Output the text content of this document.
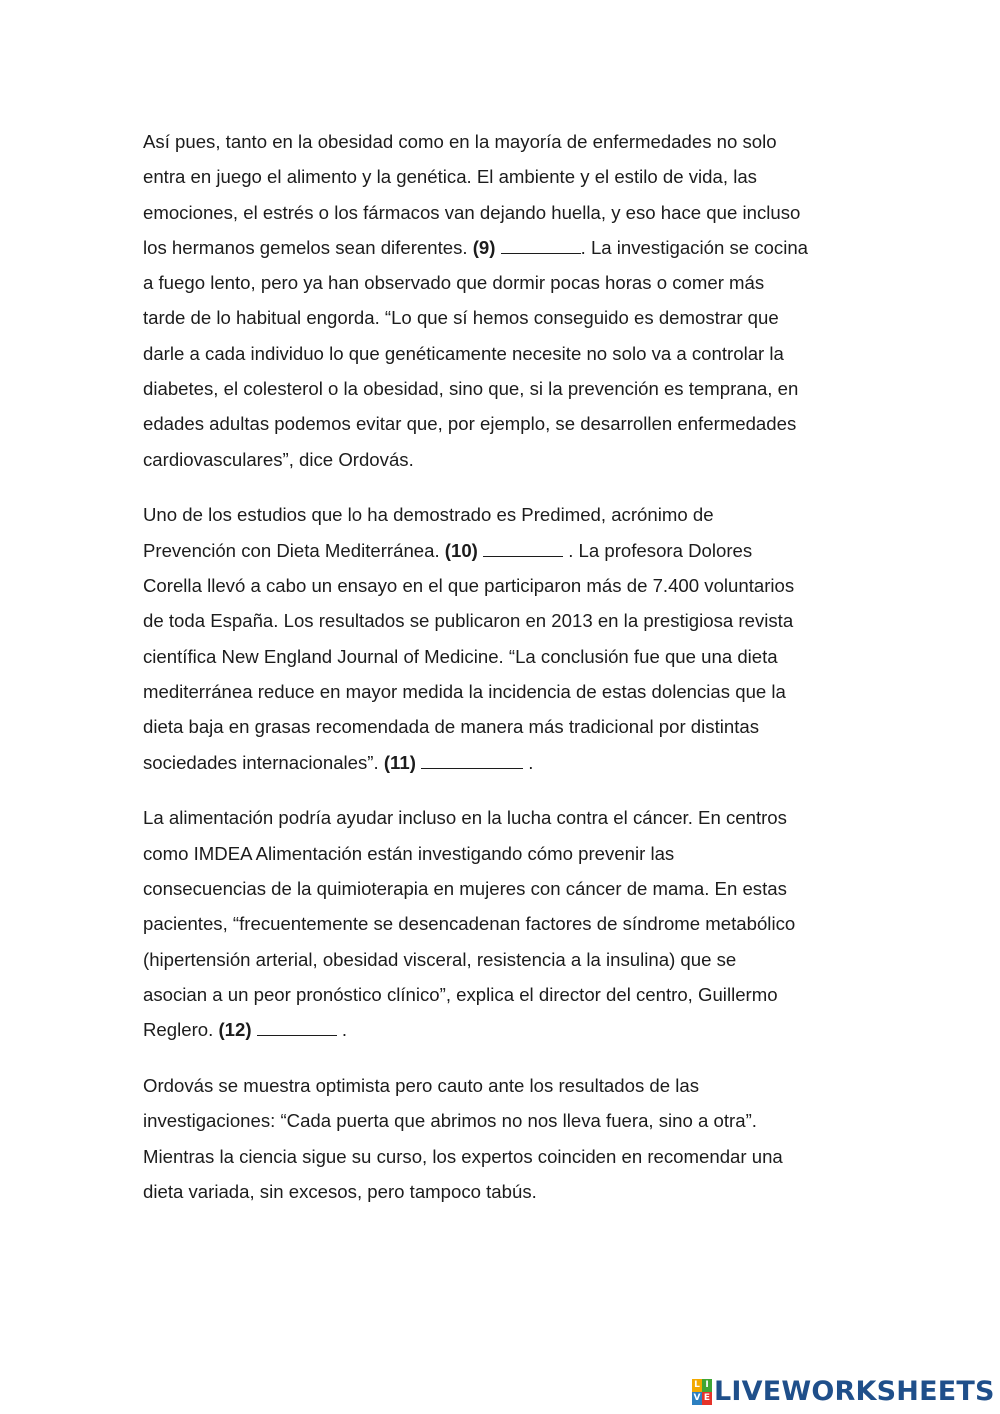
Así pues, tanto en la obesidad como en la mayoría de enfermedades no solo
entra en juego el alimento y la genética. El ambiente y el estilo de vida, las
emociones, el estrés o los fármacos van dejando huella, y eso hace que incluso
los hermanos gemelos sean diferentes. (9)	. La investigación se cocina
a fuego lento, pero ya han observado que dormir pocas horas o comer más
tarde de lo habitual engorda. “Lo que sí hemos conseguido es demostrar que
darle a cada individuo lo que genéticamente necesite no solo va a controlar la
diabetes, el colesterol o la obesidad, sino que, si la prevención es temprana, en
edades adultas podemos evitar que, por ejemplo, se desarrollen enfermedades
cardiovasculares”, dice Ordovás.

Uno de los estudios que lo ha demostrado es Predimed, acrónimo de
Prevención con Dieta Mediterránea. (10)	. La profesora Dolores
Corella llevó a cabo un ensayo en el que participaron más de 7.400 voluntarios
de toda España. Los resultados se publicaron en 2013 en la prestigiosa revista
científica New England Journal of Medicine. “La conclusión fue que una dieta
mediterránea reduce en mayor medida la incidencia de estas dolencias que la
dieta baja en grasas recomendada de manera más tradicional por distintas
sociedades internacionales”. (11)	.

La alimentación podría ayudar incluso en la lucha contra el cáncer. En centros
como IMDEA Alimentación están investigando cómo prevenir las
consecuencias de la quimioterapia en mujeres con cáncer de mama. En estas
pacientes, “frecuentemente se desencadenan factores de síndrome metabólico
(hipertensión arterial, obesidad visceral, resistencia a la insulina) que se
asocian a un peor pronóstico clínico”, explica el director del centro, Guillermo
Reglero. (12)	.

Ordovás se muestra optimista pero cauto ante los resultados de las
investigaciones: “Cada puerta que abrimos no nos lleva fuera, sino a otra”.
Mientras la ciencia sigue su curso, los expertos coinciden en recomendar una
dieta variada, sin excesos, pero tampoco tabús.

L I
V E LIVEWORKSHEETS
